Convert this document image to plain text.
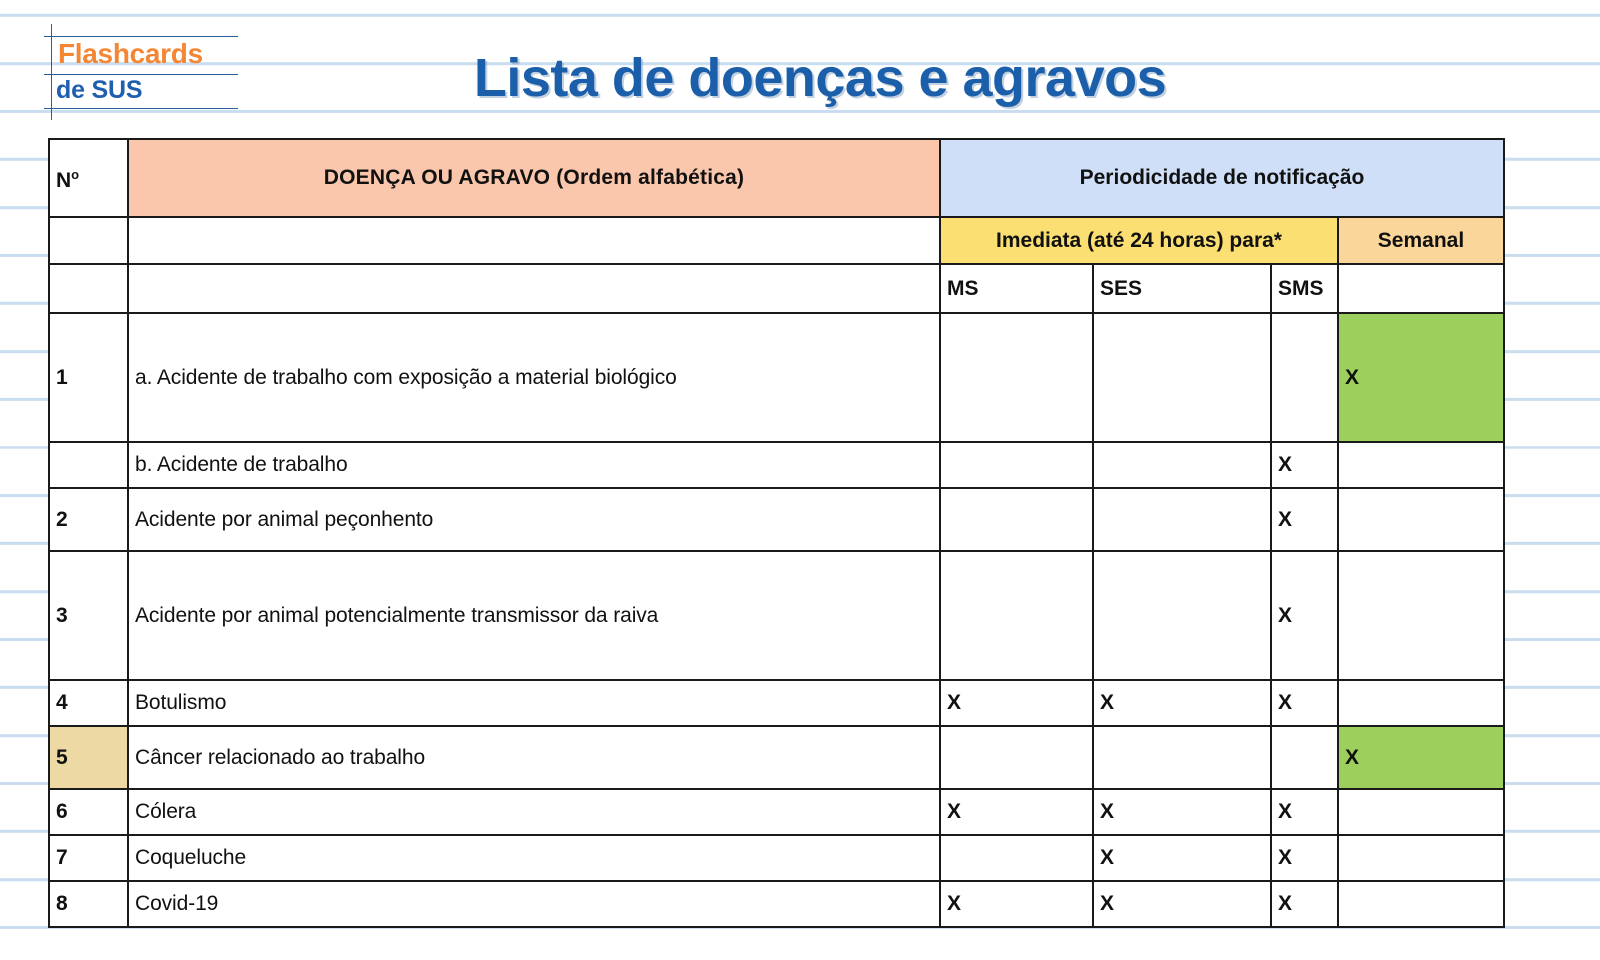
Flashcards
de SUS	Lista de doenças e agravos
$N^o$	DOENÇA OU AGRAVO (Ordem alfabética)	Periodicidade de notificação			
		Imediata (até 24 horas) para*			Semanal
		MS	SES	SMS	
1	a. Acidente de trabalho com exposição a material biológico				X
	b. Acidente de trabalho			X	
2	Acidente por animal peçonhento			X	
3	Acidente por animal potencialmente transmissor da raiva			X	
4	Botulismo	X	X	X	
5	Câncer relacionado ao trabalho				X
6	Cólera	X	X	X	
7	Coqueluche		X	X	
8	Covid-19	X	X	X	
